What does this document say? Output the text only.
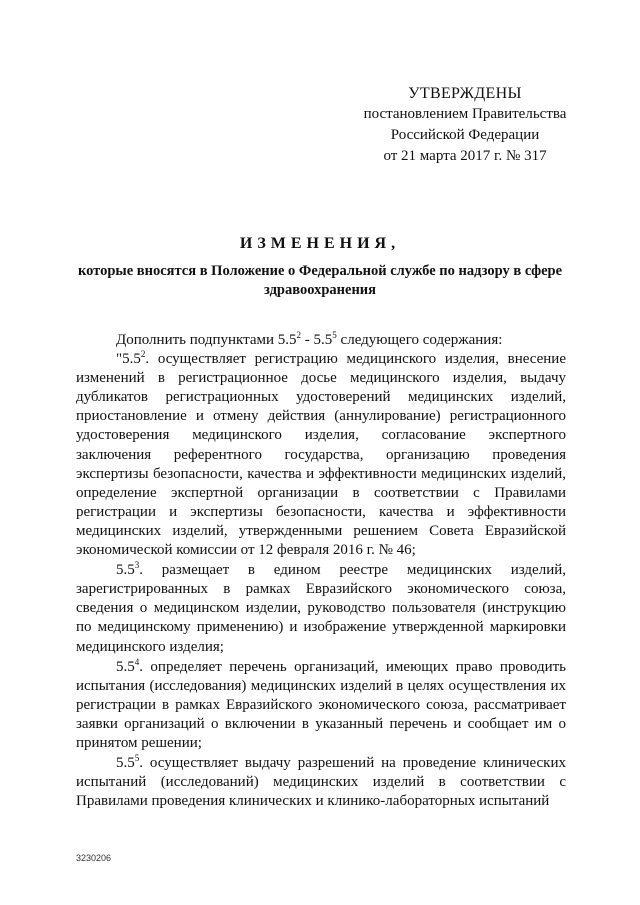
УТВЕРЖДЕНЫ
постановлением Правительства
Российской Федерации
от 21 марта 2017 г. № 317
ИЗМЕНЕНИЯ,
которые вносятся в Положение о Федеральной службе по надзору в сфере здравоохранения

Дополнить подпунктами $5.5^2 - 5.5^5$ следующего содержания:

"$5.5^2$. осуществляет регистрацию медицинского изделия, внесение изменений в регистрационное досье медицинского изделия, выдачу дубликатов регистрационных удостоверений медицинских изделий, приостановление и отмену действия (аннулирование) регистрационного удостоверения медицинского изделия, согласование экспертного заключения референтного государства, организацию проведения экспертизы безопасности, качества и эффективности медицинских изделий, определение экспертной организации в соответствии с Правилами регистрации и экспертизы безопасности, качества и эффективности медицинских изделий, утвержденными решением Совета Евразийской экономической комиссии от 12 февраля 2016 г. № 46;

$5.5^3$. размещает в едином реестре медицинских изделий, зарегистрированных в рамках Евразийского экономического союза, сведения о медицинском изделии, руководство пользователя (инструкцию по медицинскому применению) и изображение утвержденной маркировки медицинского изделия;

$5.5^4$. определяет перечень организаций, имеющих право проводить испытания (исследования) медицинских изделий в целях осуществления их регистрации в рамках Евразийского экономического союза, рассматривает заявки организаций о включении в указанный перечень и сообщает им о принятом решении;

$5.5^5$. осуществляет выдачу разрешений на проведение клинических испытаний (исследований) медицинских изделий в соответствии с Правилами проведения клинических и клинико-лабораторных испытаний

3230206
